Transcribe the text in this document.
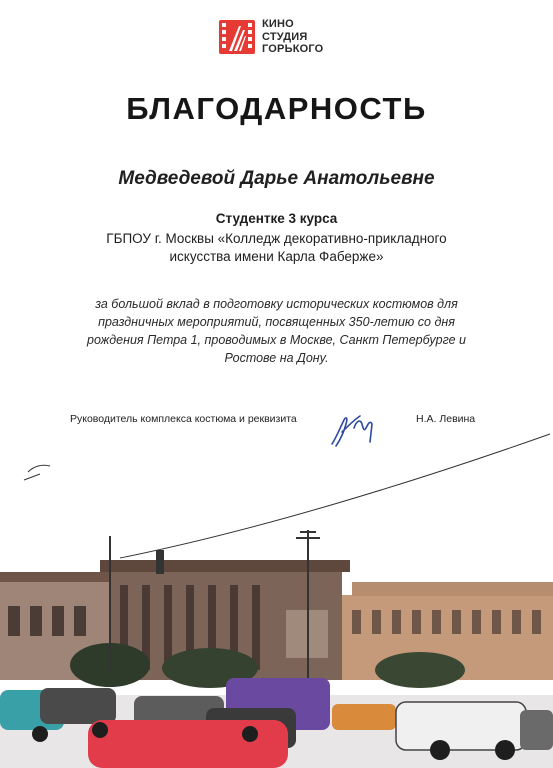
КИНО
СТУДИЯ
ГОРЬКОГО
БЛАГОДАРНОСТЬ
Медведевой Дарье Анатольевне
Студентке 3 курса
ГБПОУ г. Москвы «Колледж декоративно-прикладного
искусства имени Карла Фаберже»
за большой вклад в подготовку исторических костюмов для
праздничных мероприятий, посвященных 350-летию со дня
рождения Петра 1, проводимых в Москве, Санкт Петербурге и
Ростове на Дону.
Руководитель комплекса костюма и реквизита	Н.А. Левина
